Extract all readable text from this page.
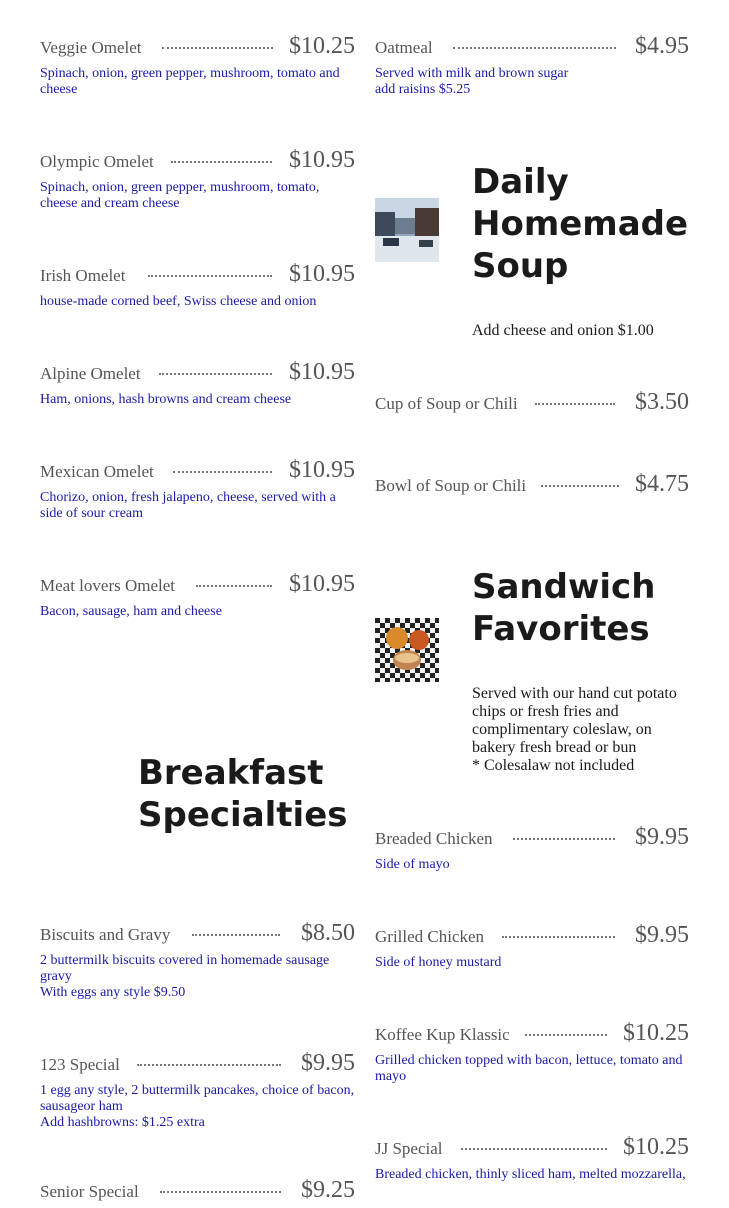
Veggie Omelet	$10.25
Spinach, onion, green pepper, mushroom, tomato and cheese
Olympic Omelet	$10.95
Spinach, onion, green pepper, mushroom, tomato, cheese and cream cheese
Irish Omelet	$10.95
house-made corned beef, Swiss cheese and onion
Alpine Omelet	$10.95
Ham, onions, hash browns and cream cheese
Mexican Omelet	$10.95
Chorizo, onion, fresh jalapeno, cheese, served with a side of sour cream
Meat lovers Omelet	$10.95
Bacon, sausage, ham and cheese
Breakfast Specialties
Biscuits and Gravy	$8.50
2 buttermilk biscuits covered in homemade sausage gravy
With eggs any style $9.50
123 Special	$9.95
1 egg any style, 2 buttermilk pancakes, choice of bacon, sausageor ham
Add hashbrowns: $1.25 extra
Senior Special	$9.25
Oatmeal	$4.95
Served with milk and brown sugar
add raisins $5.25
Daily Homemade Soup
Add cheese and onion $1.00
Cup of Soup or Chili	$3.50
Bowl of Soup or Chili	$4.75
Sandwich Favorites
Served with our hand cut potato chips or fresh fries and complimentary coleslaw, on bakery fresh bread or bun
* Colesalaw not included
Breaded Chicken	$9.95
Side of mayo
Grilled Chicken	$9.95
Side of honey mustard
Koffee Kup Klassic	$10.25
Grilled chicken topped with bacon, lettuce, tomato and mayo
JJ Special	$10.25
Breaded chicken, thinly sliced ham, melted mozzarella,
